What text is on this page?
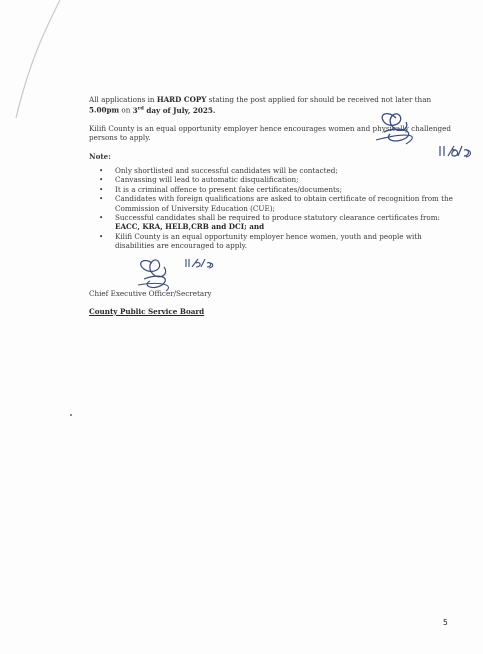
All applications in HARD COPY stating the post applied for should be received not later than 5.00pm on 3rd day of July, 2025.
Kilifi County is an equal opportunity employer hence encourages women and physically challenged persons to apply.
Note:
• Only shortlisted and successful candidates will be contacted;
• Canvassing will lead to automatic disqualification;
• It is a criminal offence to present fake certificates/documents;
• Candidates with foreign qualifications are asked to obtain certificate of recognition from the Commission of University Education (CUE);
• Successful candidates shall be required to produce statutory clearance certificates from: EACC, KRA, HELB,CRB and DCI; and
• Kilifi County is an equal opportunity employer hence women, youth and people with disabilities are encouraged to apply.
Chief Executive Officer/Secretary
County Public Service Board
5
